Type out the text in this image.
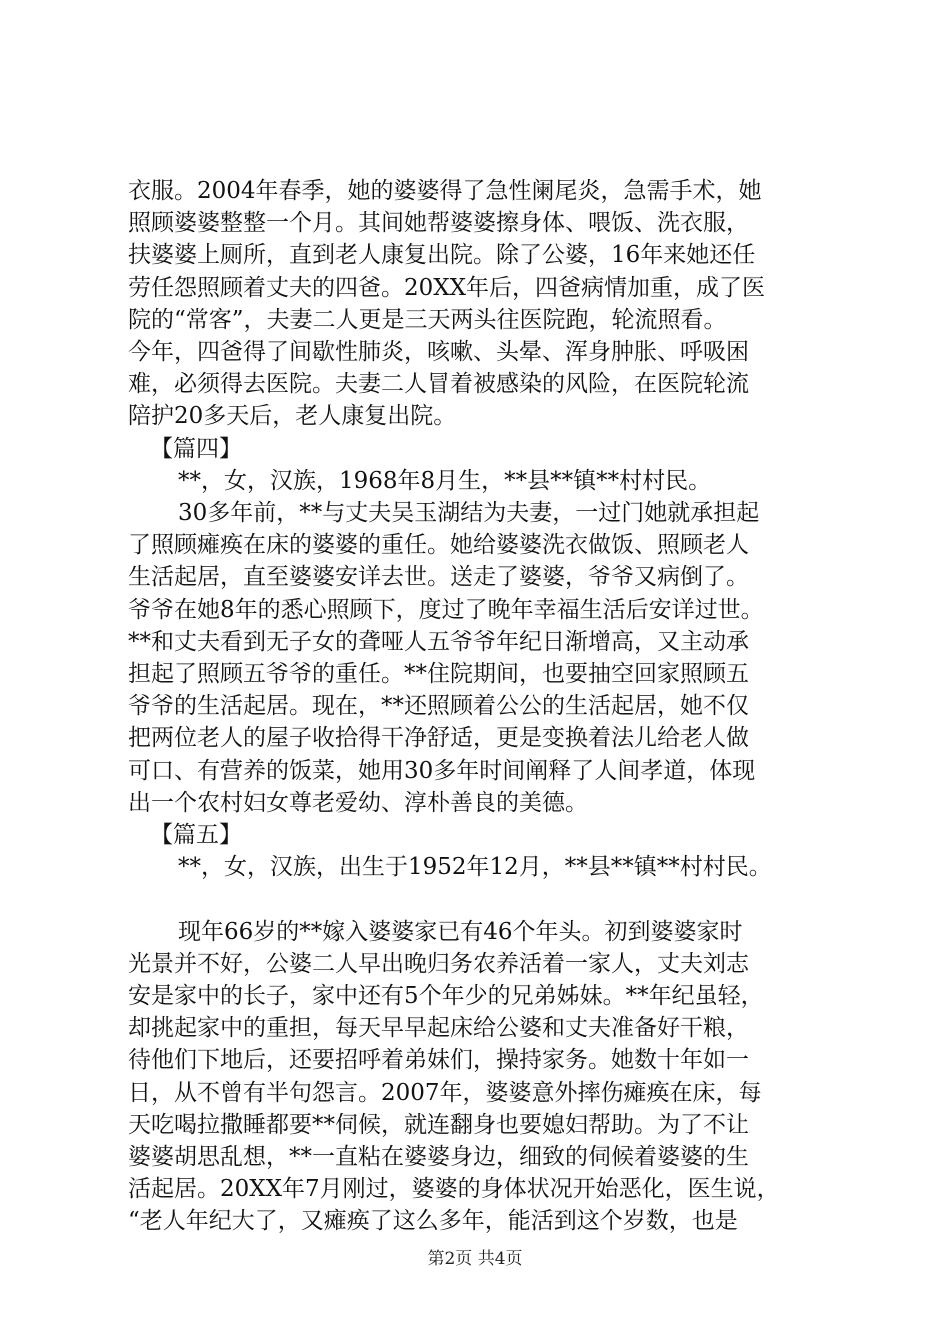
衣服。2004年春季，她的婆婆得了急性阑尾炎，急需手术，她
照顾婆婆整整一个月。其间她帮婆婆擦身体、喂饭、洗衣服，
扶婆婆上厕所，直到老人康复出院。除了公婆，16年来她还任
劳任怨照顾着丈夫的四爸。20XX年后，四爸病情加重，成了医
院的“常客”，夫妻二人更是三天两头往医院跑，轮流照看。
今年，四爸得了间歇性肺炎，咳嗽、头晕、浑身肿胀、呼吸困
难，必须得去医院。夫妻二人冒着被感染的风险，在医院轮流
陪护20多天后，老人康复出院。
【篇四】
**，女，汉族，1968年8月生，**县**镇**村村民。
30多年前，**与丈夫吴玉湖结为夫妻，一过门她就承担起
了照顾瘫痪在床的婆婆的重任。她给婆婆洗衣做饭、照顾老人
生活起居，直至婆婆安详去世。送走了婆婆，爷爷又病倒了。
爷爷在她8年的悉心照顾下，度过了晚年幸福生活后安详过世。
**和丈夫看到无子女的聋哑人五爷爷年纪日渐增高，又主动承
担起了照顾五爷爷的重任。**住院期间，也要抽空回家照顾五
爷爷的生活起居。现在，**还照顾着公公的生活起居，她不仅
把两位老人的屋子收拾得干净舒适，更是变换着法儿给老人做
可口、有营养的饭菜，她用30多年时间阐释了人间孝道，体现
出一个农村妇女尊老爱幼、淳朴善良的美德。
【篇五】
**，女，汉族，出生于1952年12月，**县**镇**村村民。
现年66岁的**嫁入婆婆家已有46个年头。初到婆婆家时
光景并不好，公婆二人早出晚归务农养活着一家人，丈夫刘志
安是家中的长子，家中还有5个年少的兄弟姊妹。**年纪虽轻，
却挑起家中的重担，每天早早起床给公婆和丈夫准备好干粮，
待他们下地后，还要招呼着弟妹们，操持家务。她数十年如一
日，从不曾有半句怨言。2007年，婆婆意外摔伤瘫痪在床，每
天吃喝拉撒睡都要**伺候，就连翻身也要媳妇帮助。为了不让
婆婆胡思乱想，**一直粘在婆婆身边，细致的伺候着婆婆的生
活起居。20XX年7月刚过，婆婆的身体状况开始恶化，医生说，
“老人年纪大了，又瘫痪了这么多年，能活到这个岁数，也是
第2页 共4页
